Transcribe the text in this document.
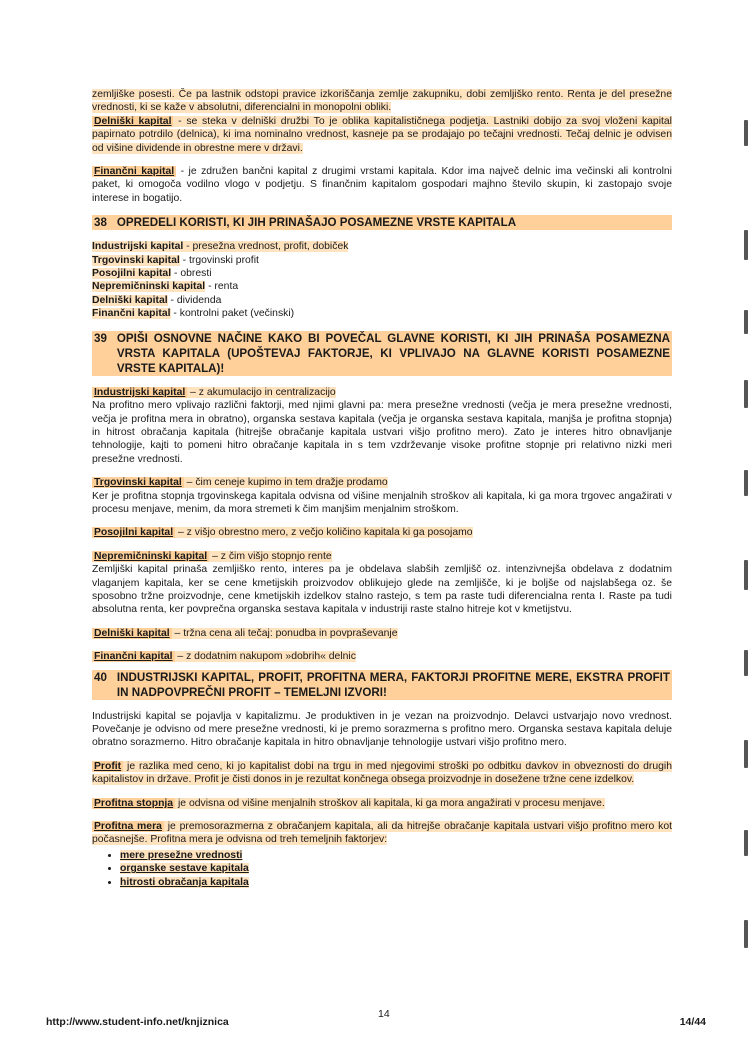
zemljiške posesti. Če pa lastnik odstopi pravice izkoriščanja zemlje zakupniku, dobi zemljiško rento. Renta je del presežne vrednosti, ki se kaže v absolutni, diferencialni in monopolni obliki.

Delniški kapital - se steka v delniški družbi To je oblika kapitalističnega podjetja. Lastniki dobijo za svoj vloženi kapital papirnato potrdilo (delnica), ki ima nominalno vrednost, kasneje pa se prodajajo po tečajni vrednosti. Tečaj delnic je odvisen od višine dividende in obrestne mere v državi.

Finančni kapital - je združen bančni kapital z drugimi vrstami kapitala. Kdor ima največ delnic ima večinski ali kontrolni paket, ki omogoča vodilno vlogo v podjetju. S finančnim kapitalom gospodari majhno število skupin, ki zastopajo svoje interese in bogatijo.

38 OPREDELI KORISTI, KI JIH PRINAŠAJO POSAMEZNE VRSTE KAPITALA

Industrijski kapital - presežna vrednost, profit, dobiček

Trgovinski kapital - trgovinski profit

Posojilni kapital - obresti

Nepremičninski kapital - renta

Delniški kapital - dividenda

Finančni kapital - kontrolni paket (večinski)

39 OPIŠI OSNOVNE NAČINE KAKO BI POVEČAL GLAVNE KORISTI, KI JIH PRINAŠA POSAMEZNA VRSTA KAPITALA (UPOŠTEVAJ FAKTORJE, KI VPLIVAJO NA GLAVNE KORISTI POSAMEZNE VRSTE KAPITALA)!

Industrijski kapital – z akumulacijo in centralizacijo

Na profitno mero vplivajo različni faktorji, med njimi glavni pa: mera presežne vrednosti (večja je mera presežne vrednosti, večja je profitna mera in obratno), organska sestava kapitala (večja je organska sestava kapitala, manjša je profitna stopnja) in hitrost obračanja kapitala (hitrejše obračanje kapitala ustvari višjo profitno mero). Zato je interes hitro obnavljanje tehnologije, kajti to pomeni hitro obračanje kapitala in s tem vzdrževanje visoke profitne stopnje pri relativno nizki meri presežne vrednosti.

Trgovinski kapital – čim ceneje kupimo in tem dražje prodamo

Ker je profitna stopnja trgovinskega kapitala odvisna od višine menjalnih stroškov ali kapitala, ki ga mora trgovec angažirati v procesu menjave, menim, da mora stremeti k čim manjšim menjalnim stroškom.

Posojilni kapital – z višjo obrestno mero, z večjo količino kapitala ki ga posojamo

Nepremičninski kapital – z čim višjo stopnjo rente

Zemljiški kapital prinaša zemljiško rento, interes pa je obdelava slabših zemljišč oz. intenzivnejša obdelava z dodatnim vlaganjem kapitala, ker se cene kmetijskih proizvodov oblikujejo glede na zemljišče, ki je boljše od najslabšega oz. še sposobno tržne proizvodnje, cene kmetijskih izdelkov stalno rastejo, s tem pa raste tudi diferencialna renta I. Raste pa tudi absolutna renta, ker povprečna organska sestava kapitala v industriji raste stalno hitreje kot v kmetijstvu.

Delniški kapital – tržna cena ali tečaj: ponudba in povpraševanje

Finančni kapital – z dodatnim nakupom »dobrih« delnic

40 INDUSTRIJSKI KAPITAL, PROFIT, PROFITNA MERA, FAKTORJI PROFITNE MERE, EKSTRA PROFIT IN NADPOVPREČNI PROFIT – TEMELJNI IZVORI!

Industrijski kapital se pojavlja v kapitalizmu. Je produktiven in je vezan na proizvodnjo. Delavci ustvarjajo novo vrednost. Povečanje je odvisno od mere presežne vrednosti, ki je premo sorazmerna s profitno mero. Organska sestava kapitala deluje obratno sorazmerno. Hitro obračanje kapitala in hitro obnavljanje tehnologije ustvari višjo profitno mero.

Profit je razlika med ceno, ki jo kapitalist dobi na trgu in med njegovimi stroški po odbitku davkov in obveznosti do drugih kapitalistov in države. Profit je čisti donos in je rezultat končnega obsega proizvodnje in dosežene tržne cene izdelkov.

Profitna stopnja je odvisna od višine menjalnih stroškov ali kapitala, ki ga mora angažirati v procesu menjave.

Profitna mera je premosorazmerna z obračanjem kapitala, ali da hitrejše obračanje kapitala ustvari višjo profitno mero kot počasnejše. Profitna mera je odvisna od treh temeljnih faktorjev:

• mere presežne vrednosti
• organske sestave kapitala
• hitrosti obračanja kapitala
http://www.student-info.net/knjiznica
14
14/44
